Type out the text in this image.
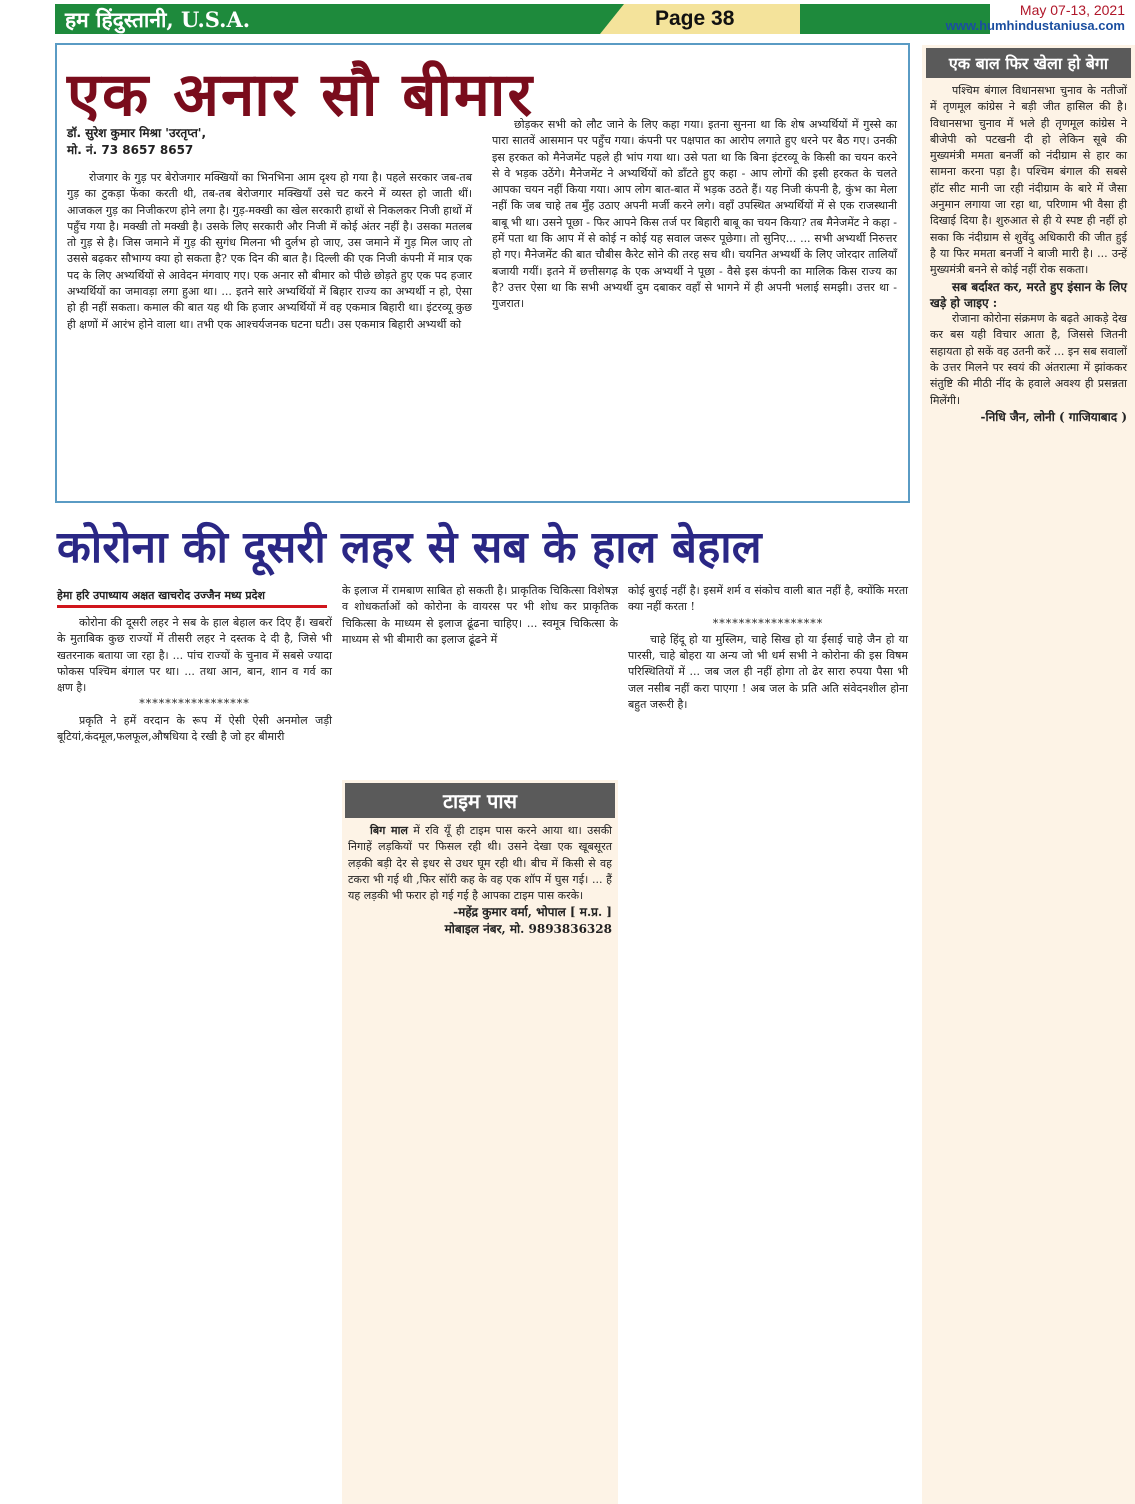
हम हिंदुस्तानी, U.S.A.	Page 38	May 07-13, 2021
www.humhindustaniusa.com
एक अनार सौ बीमार
डॉ. सुरेश कुमार मिश्रा 'उरतृप्त',
मो. नं. 73 8657 8657

रोजगार के गुड़ पर बेरोजगार मक्खियों का भिनभिना आम दृश्य हो गया है। पहले सरकार जब-तब गुड़ का टुकड़ा फेंका करती थी, तब-तब बेरोजगार मक्खियाँ उसे चट करने में व्यस्त हो जाती थीं। आजकल गुड़ का निजीकरण होने लगा है। गुड़-मक्खी का खेल सरकारी हाथों से निकलकर निजी हाथों में पहुँच गया है। मक्खी तो मक्खी है। उसके लिए सरकारी और निजी में कोई अंतर नहीं है। उसका मतलब तो गुड़ से है। जिस जमाने में गुड़ की सुगंध मिलना भी दुर्लभ हो जाए, उस जमाने में गुड़ मिल जाए तो उससे बढ़कर सौभाग्य क्या हो सकता है? एक दिन की बात है। दिल्ली की एक निजी कंपनी में मात्र एक पद के लिए अभ्यर्थियों से आवेदन मंगवाए गए। एक अनार सौ बीमार को पीछे छोड़ते हुए एक पद हजार अभ्यर्थियों का जमावड़ा लगा हुआ था। ... इतने सारे अभ्यर्थियों में बिहार राज्य का अभ्यर्थी न हो, ऐसा हो ही नहीं सकता। कमाल की बात यह थी कि हजार अभ्यर्थियों में वह एकमात्र बिहारी था। इंटरव्यू कुछ ही क्षणों में आरंभ होने वाला था। तभी एक आश्चर्यजनक घटना घटी। उस एकमात्र बिहारी अभ्यर्थी को

छोड़कर सभी को लौट जाने के लिए कहा गया। इतना सुनना था कि शेष अभ्यर्थियों में गुस्से का पारा सातवें आसमान पर पहुँच गया। कंपनी पर पक्षपात का आरोप लगाते हुए धरने पर बैठ गए। उनकी इस हरकत को मैनेजमेंट पहले ही भांप गया था। उसे पता था कि बिना इंटरव्यू के किसी का चयन करने से वे भड़क उठेंगे। मैनेजमेंट ने अभ्यर्थियों को डाँटते हुए कहा - आप लोगों की इसी हरकत के चलते आपका चयन नहीं किया गया। आप लोग बात-बात में भड़क उठते हैं। यह निजी कंपनी है, कुंभ का मेला नहीं कि जब चाहे तब मुँह उठाए अपनी मर्जी करने लगे। वहाँ उपस्थित अभ्यर्थियों में से एक राजस्थानी बाबू भी था। उसने पूछा - फिर आपने किस तर्ज पर बिहारी बाबू का चयन किया? तब मैनेजमेंट ने कहा - हमें पता था कि आप में से कोई न कोई यह सवाल जरूर पूछेगा। तो सुनिए... ... सभी अभ्यर्थी निरुत्तर हो गए। मैनेजमेंट की बात चौबीस कैरेट सोने की तरह सच थी। चयनित अभ्यर्थी के लिए जोरदार तालियाँ बजायी गयीं। इतने में छत्तीसगढ़ के एक अभ्यर्थी ने पूछा - वैसे इस कंपनी का मालिक किस राज्य का है? उत्तर ऐसा था कि सभी अभ्यर्थी दुम दबाकर वहाँ से भागने में ही अपनी भलाई समझी। उत्तर था - गुजरात।

एक बाल फिर खेला हो बेगा

पश्चिम बंगाल विधानसभा चुनाव के नतीजों में तृणमूल कांग्रेस ने बड़ी जीत हासिल की है। विधानसभा चुनाव में भले ही तृणमूल कांग्रेस ने बीजेपी को पटखनी दी हो लेकिन सूबे की मुख्यमंत्री ममता बनर्जी को नंदीग्राम से हार का सामना करना पड़ा है। पश्चिम बंगाल की सबसे हॉट सीट मानी जा रही नंदीग्राम के बारे में जैसा अनुमान लगाया जा रहा था, परिणाम भी वैसा ही दिखाई दिया है। शुरुआत से ही ये स्पष्ट ही नहीं हो सका कि नंदीग्राम से शुवेंदु अधिकारी की जीत हुई है या फिर ममता बनर्जी ने बाजी मारी है। ... उन्हें मुख्यमंत्री बनने से कोई नहीं रोक सकता।

सब बर्दाश्त कर, मरते हुए इंसान के लिए खड़े हो जाइए :

रोजाना कोरोना संक्रमण के बढ़ते आकड़े देख कर बस यही विचार आता है, जिससे जितनी सहायता हो सकें वह उतनी करें ... इन सब सवालों के उत्तर मिलने पर स्वयं की अंतरात्मा में झांककर संतुष्टि की मीठी नींद के हवाले अवश्य ही प्रसन्नता मिलेंगी।

-निधि जैन, लोनी ( गाजियाबाद )
कोरोना की दूसरी लहर से सब के हाल बेहाल
हेमा हरि उपाध्याय अक्षत खाचरोद उज्जैन मध्य प्रदेश

कोरोना की दूसरी लहर ने सब के हाल बेहाल कर दिए हैं। खबरों के मुताबिक कुछ राज्यों में तीसरी लहर ने दस्तक दे दी है, जिसे भी खतरनाक बताया जा रहा है। ... पांच राज्यों के चुनाव में सबसे ज्यादा फोकस पश्चिम बंगाल पर था। ... तथा आन, बान, शान व गर्व का क्षण है।

*****************

प्रकृति ने हमें वरदान के रूप में ऐसी ऐसी अनमोल जड़ी बूटियां,कंदमूल,फलफूल,औषधिया दे रखी है जो हर बीमारी

के इलाज में रामबाण साबित हो सकती है। प्राकृतिक चिकित्सा विशेषज्ञ व शोधकर्ताओं को कोरोना के वायरस पर भी शोध कर प्राकृतिक चिकित्सा के माध्यम से इलाज ढूंढना चाहिए। ... स्वमूत्र चिकित्सा के माध्यम से भी बीमारी का इलाज ढूंढने में

टाइम पास

बिग माल में रवि यूँ ही टाइम पास करने आया था। उसकी निगाहें लड़कियों पर फिसल रही थी। उसने देखा एक खूबसूरत लड़की बड़ी देर से इधर से उधर घूम रही थी। बीच में किसी से वह टकरा भी गई थी ,फिर सॉरी कह के वह एक शॉप में घुस गई। ... हैं यह लड़की भी फरार हो गई गई है आपका टाइम पास करके।

-महेंद्र कुमार वर्मा, भोपाल [ म.प्र. ]
मोबाइल नंबर, मो. 9893836328

कोई बुराई नहीं है। इसमें शर्म व संकोच वाली बात नहीं है, क्योंकि मरता क्या नहीं करता !

*****************

चाहे हिंदू हो या मुस्लिम, चाहे सिख हो या ईसाई चाहे जैन हो या पारसी, चाहे बोहरा या अन्य जो भी धर्म सभी ने कोरोना की इस विषम परिस्थितियों में ... जब जल ही नहीं होगा तो ढेर सारा रुपया पैसा भी जल नसीब नहीं करा पाएगा ! अब जल के प्रति अति संवेदनशील होना बहुत जरूरी है।
